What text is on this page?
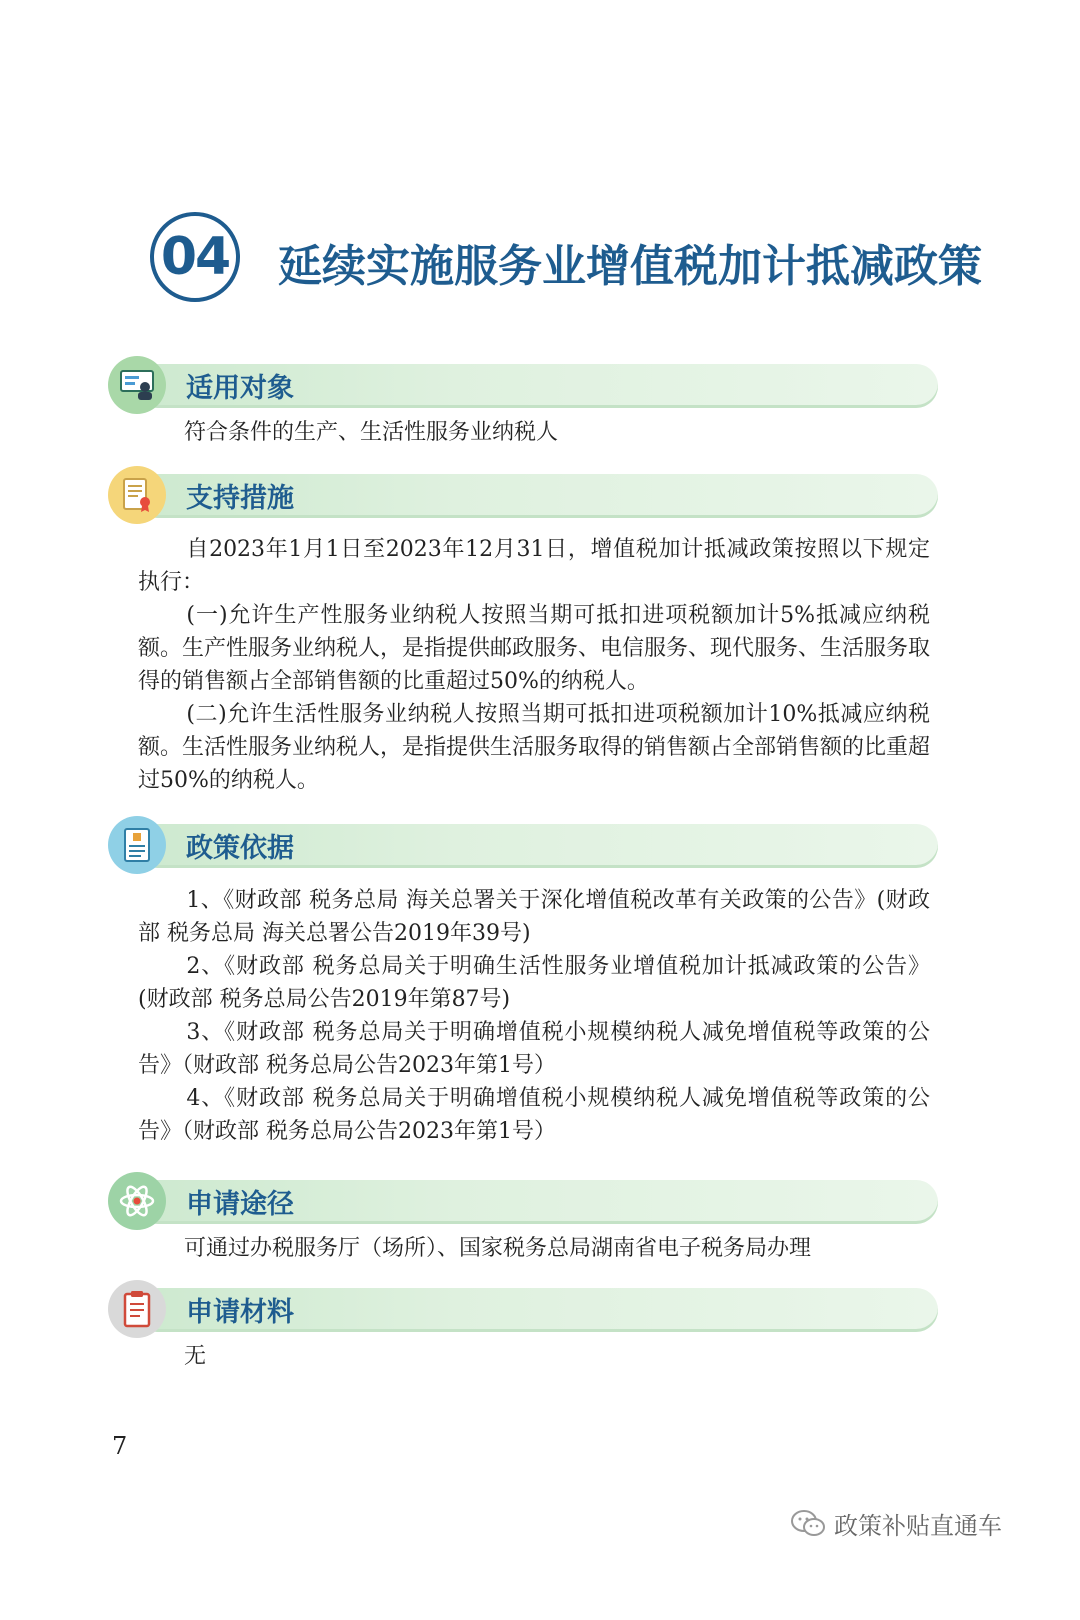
04 延续实施服务业增值税加计抵减政策
适用对象
符合条件的生产、生活性服务业纳税人
支持措施

自2023年1月1日至2023年12月31日，增值税加计抵减政策按照以下规定执行：

(一)允许生产性服务业纳税人按照当期可抵扣进项税额加计5%抵减应纳税额。生产性服务业纳税人，是指提供邮政服务、电信服务、现代服务、生活服务取得的销售额占全部销售额的比重超过50%的纳税人。

(二)允许生活性服务业纳税人按照当期可抵扣进项税额加计10%抵减应纳税额。生活性服务业纳税人，是指提供生活服务取得的销售额占全部销售额的比重超过50%的纳税人。

政策依据

1、《财政部 税务总局 海关总署关于深化增值税改革有关政策的公告》(财政部 税务总局 海关总署公告2019年39号)

2、《财政部 税务总局关于明确生活性服务业增值税加计抵减政策的公告》(财政部 税务总局公告2019年第87号)

3、《财政部 税务总局关于明确增值税小规模纳税人减免增值税等政策的公告》（财政部 税务总局公告2023年第1号）

4、《财政部 税务总局关于明确增值税小规模纳税人减免增值税等政策的公告》（财政部 税务总局公告2023年第1号）

申请途径
可通过办税服务厅（场所）、国家税务总局湖南省电子税务局办理
申请材料
无
7
政策补贴直通车
